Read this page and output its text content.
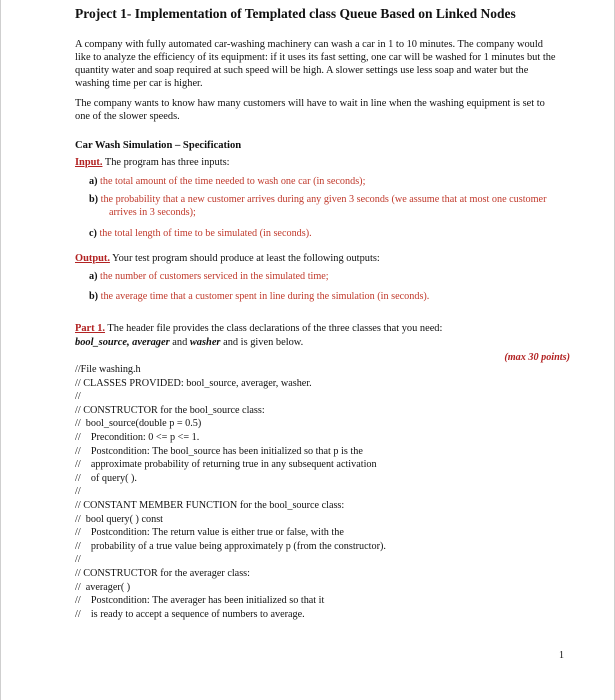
Project 1- Implementation of Templated class Queue Based on Linked Nodes

A company with fully automated car-washing machinery can wash a car in 1 to 10 minutes. The company would like to analyze the efficiency of its equipment: if it uses its fast setting, one car will be washed for 1 minutes but the quantity water and soap required at such speed will be high. A slower settings use less soap and water but the washing time per car is higher.

The company wants to know haw many customers will have to wait in line when the washing equipment is set to one of the slower speeds.

Car Wash Simulation – Specification

Input. The program has three inputs:

a) the total amount of the time needed to wash one car (in seconds);

b) the probability that a new customer arrives during any given 3 seconds (we assume that at most one customer arrives in 3 seconds);

c) the total length of time to be simulated (in seconds).

Output. Your test program should produce at least the following outputs:

a) the number of customers serviced in the simulated time;

b) the average time that a customer spent in line during the simulation (in seconds).

Part 1. The header file provides the class declarations of the three classes that you need:

bool_source, averager and washer and is given below.

(max 30 points)
//File washing.h
// CLASSES PROVIDED: bool_source, averager, washer.
//
// CONSTRUCTOR for the bool_source class:
//  bool_source(double p = 0.5)
//    Precondition: 0 <= p <= 1.
//    Postcondition: The bool_source has been initialized so that p is the
//    approximate probability of returning true in any subsequent activation
//    of query( ).
//
// CONSTANT MEMBER FUNCTION for the bool_source class:
//  bool query( ) const
//    Postcondition: The return value is either true or false, with the
//    probability of a true value being approximately p (from the constructor).
//
// CONSTRUCTOR for the averager class:
//  averager( )
//    Postcondition: The averager has been initialized so that it
//    is ready to accept a sequence of numbers to average.
1
